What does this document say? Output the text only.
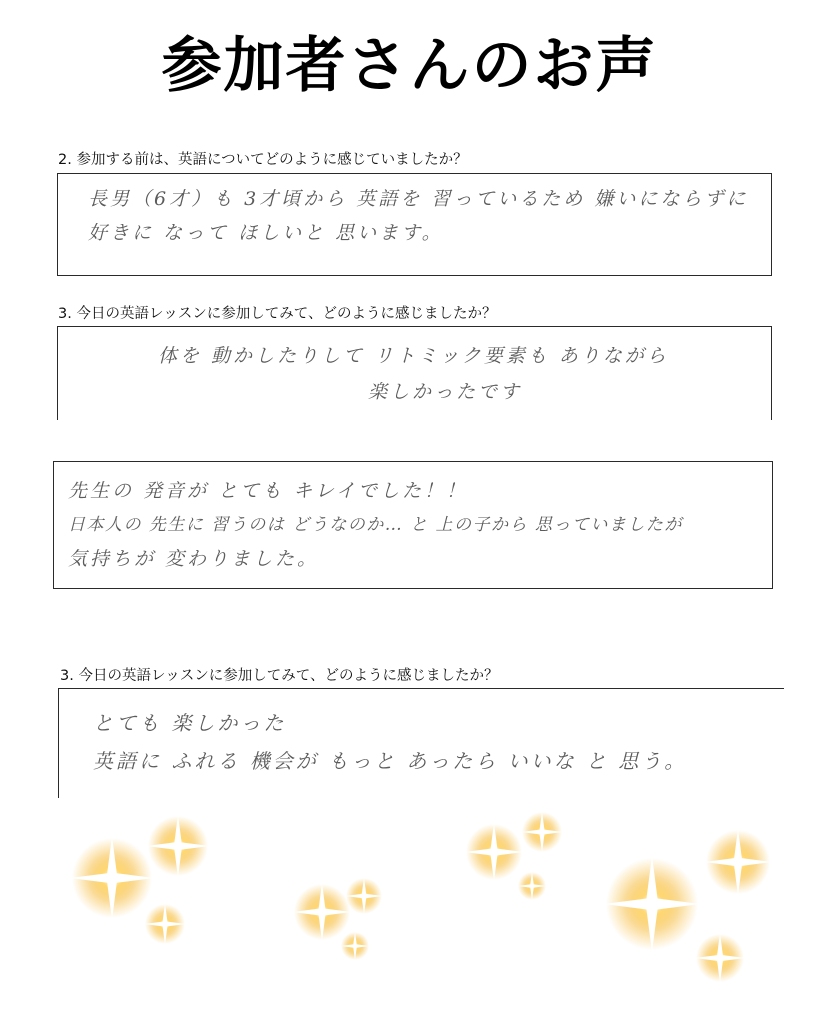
参加者さんのお声
2. 参加する前は、英語についてどのように感じていましたか？
長男（6才）も 3才頃から 英語を 習っているため 嫌いにならずに
好きに なって ほしいと 思います。
3. 今日の英語レッスンに参加してみて、どのように感じましたか？
体を 動かしたりして リトミック要素も ありながら
楽しかったです
先生の 発音が とても キレイでした！！
日本人の 先生に 習うのは どうなのか… と 上の子から 思っていましたが
気持ちが 変わりました。
3. 今日の英語レッスンに参加してみて、どのように感じましたか？
とても 楽しかった
英語に ふれる 機会が もっと あったら いいな と 思う。
